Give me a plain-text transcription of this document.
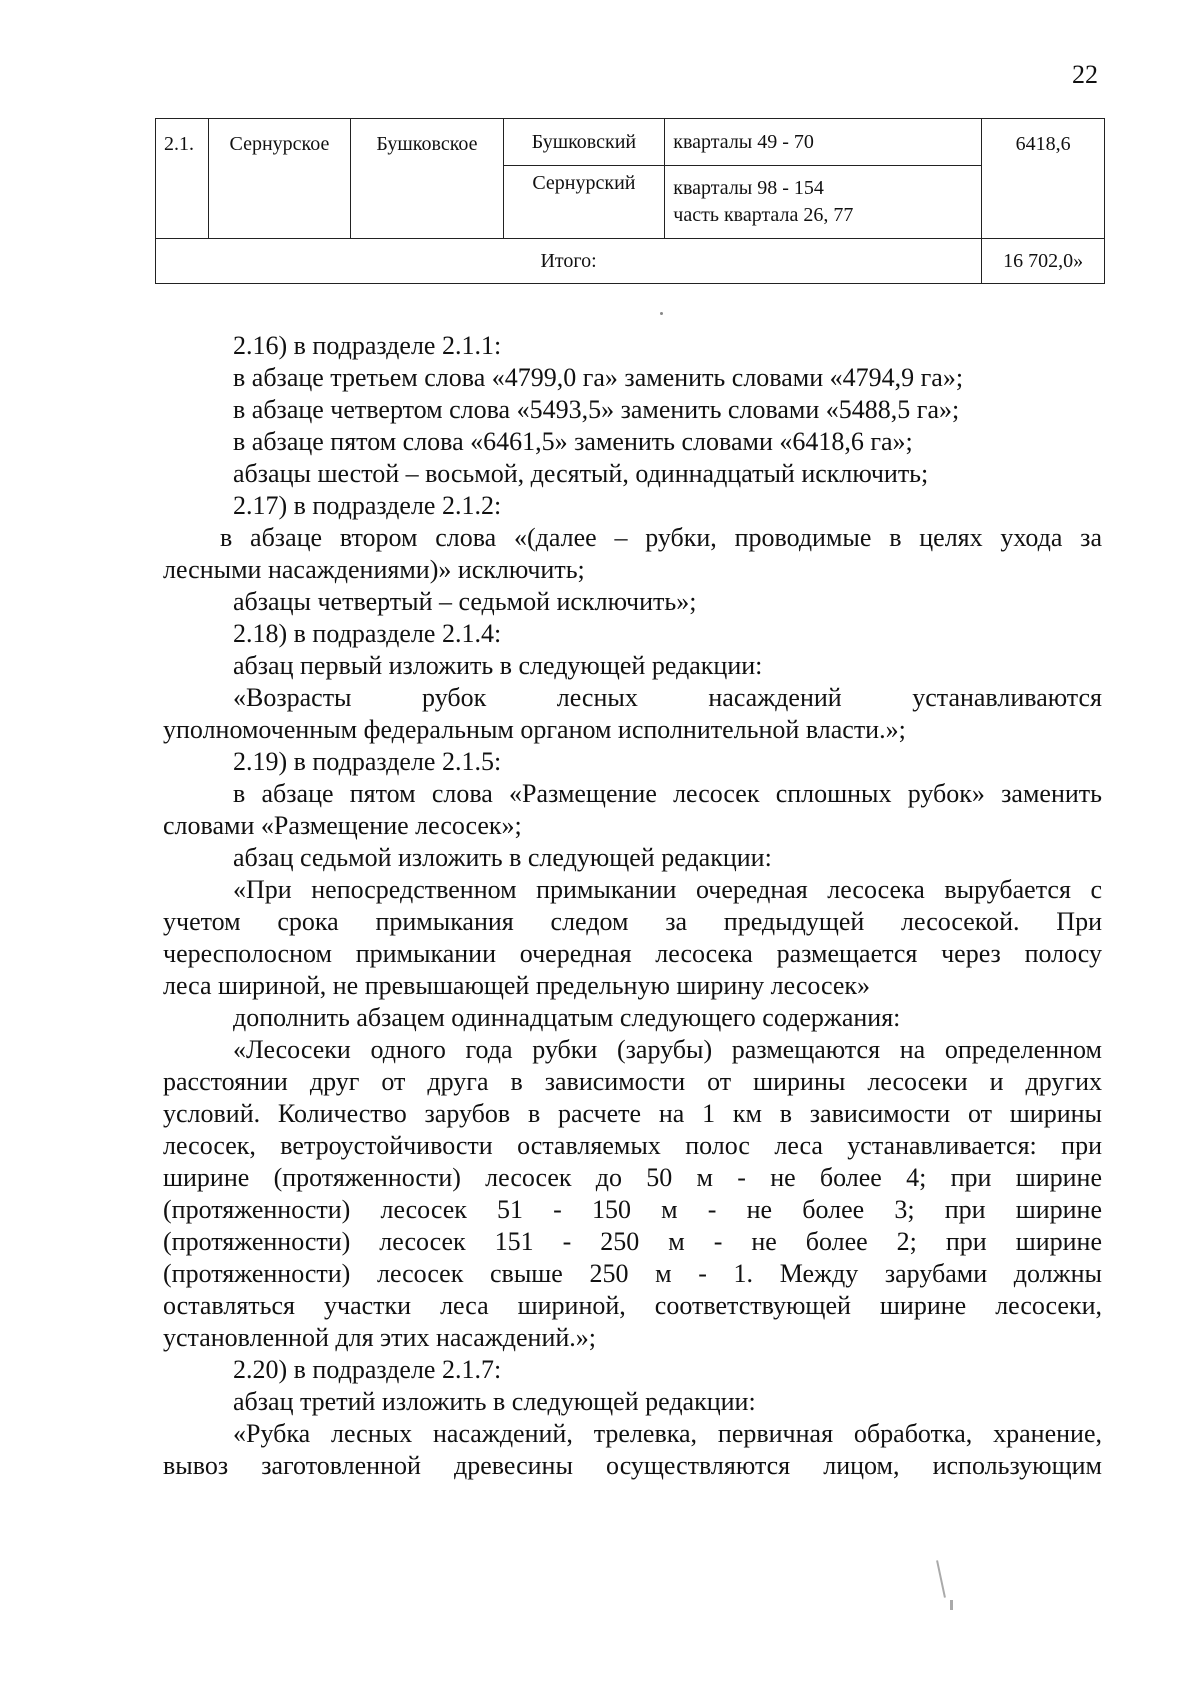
22
2.1.	Сернурское	Бушковское	Бушковский	кварталы 49 - 70	6418,6
			Сернурский	кварталы 98 - 154
часть квартала 26, 77	

Итого:					16 702,0»
2.16) в подразделе 2.1.1:
в абзаце третьем слова «4799,0 га» заменить словами «4794,9 га»;
в абзаце четвертом слова «5493,5» заменить словами «5488,5 га»;
в абзаце пятом слова «6461,5» заменить словами «6418,6 га»;
абзацы шестой – восьмой, десятый, одиннадцатый исключить;
2.17) в подразделе 2.1.2:
в абзаце втором слова «(далее – рубки, проводимые в целях ухода за
лесными насаждениями)» исключить;
абзацы четвертый – седьмой исключить»;
2.18) в подразделе 2.1.4:
абзац первый изложить в следующей редакции:
«Возрасты рубок лесных насаждений устанавливаются
уполномоченным федеральным органом исполнительной власти.»;
2.19) в подразделе 2.1.5:
в абзаце пятом слова «Размещение лесосек сплошных рубок» заменить
словами «Размещение лесосек»;
абзац седьмой изложить в следующей редакции:
«При непосредственном примыкании очередная лесосека вырубается с
учетом срока примыкания следом за предыдущей лесосекой. При
чересполосном примыкании очередная лесосека размещается через полосу
леса шириной, не превышающей предельную ширину лесосек»
дополнить абзацем одиннадцатым следующего содержания:
«Лесосеки одного года рубки (зарубы) размещаются на определенном
расстоянии друг от друга в зависимости от ширины лесосеки и других
условий. Количество зарубов в расчете на 1 км в зависимости от ширины
лесосек, ветроустойчивости оставляемых полос леса устанавливается: при
ширине (протяженности) лесосек до 50 м - не более 4; при ширине
(протяженности) лесосек 51 - 150 м - не более 3; при ширине
(протяженности) лесосек 151 - 250 м - не более 2; при ширине
(протяженности) лесосек свыше 250 м - 1. Между зарубами должны
оставляться участки леса шириной, соответствующей ширине лесосеки,
установленной для этих насаждений.»;
2.20) в подразделе 2.1.7:
абзац третий изложить в следующей редакции:
«Рубка лесных насаждений, трелевка, первичная обработка, хранение,
вывоз заготовленной древесины осуществляются лицом, использующим
